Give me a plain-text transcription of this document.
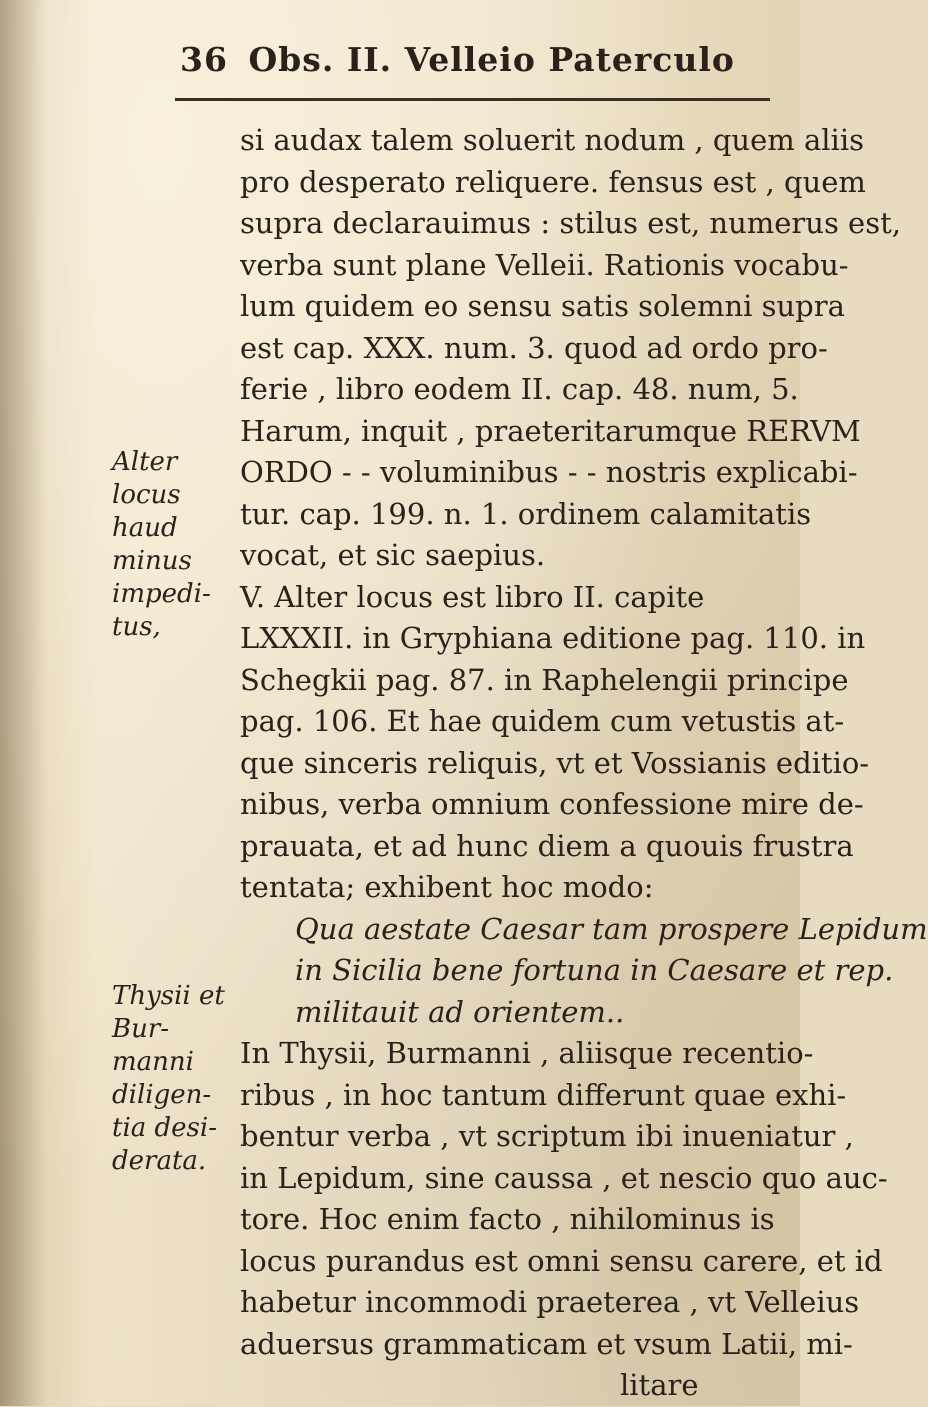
36 Obs. II. Velleio Paterculo
si audax talem soluerit nodum , quem aliis
pro desperato reliquere. fensus est , quem
supra declarauimus : stilus est, numerus est,
verba sunt plane Velleii. Rationis vocabu-
lum quidem eo sensu satis solemni supra
est cap. XXX. num. 3. quod ad ordo pro-
ferie , libro eodem II. cap. 48. num, 5.
Harum, inquit , praeteritarumque RERVM
ORDO - - voluminibus - - nostris explicabi-
tur. cap. 199. n. 1. ordinem calamitatis
vocat, et sic saepius.
V. Alter locus est libro II. capite
LXXXII. in Gryphiana editione pag. 110. in
Schegkii pag. 87. in Raphelengii principe
pag. 106. Et hae quidem cum vetustis at-
que sinceris reliquis, vt et Vossianis editio-
nibus, verba omnium confessione mire de-
prauata, et ad hunc diem a quouis frustra
tentata; exhibent hoc modo:
Qua aestate Caesar tam prospere Lepidum
in Sicilia bene fortuna in Caesare et rep.
militauit ad orientem..
In Thysii, Burmanni , aliisque recentio-
ribus , in hoc tantum differunt quae exhi-
bentur verba , vt scriptum ibi inueniatur ,
in Lepidum, sine caussa , et nescio quo auc-
tore. Hoc enim facto , nihilominus is
locus purandus est omni sensu carere, et id
habetur incommodi praeterea , vt Velleius
aduersus grammaticam et vsum Latii, mi-
litare
Alter
locus
haud
minus
impedi-
tus,
Thysii et
Bur-
manni
diligen-
tia desi-
derata.
